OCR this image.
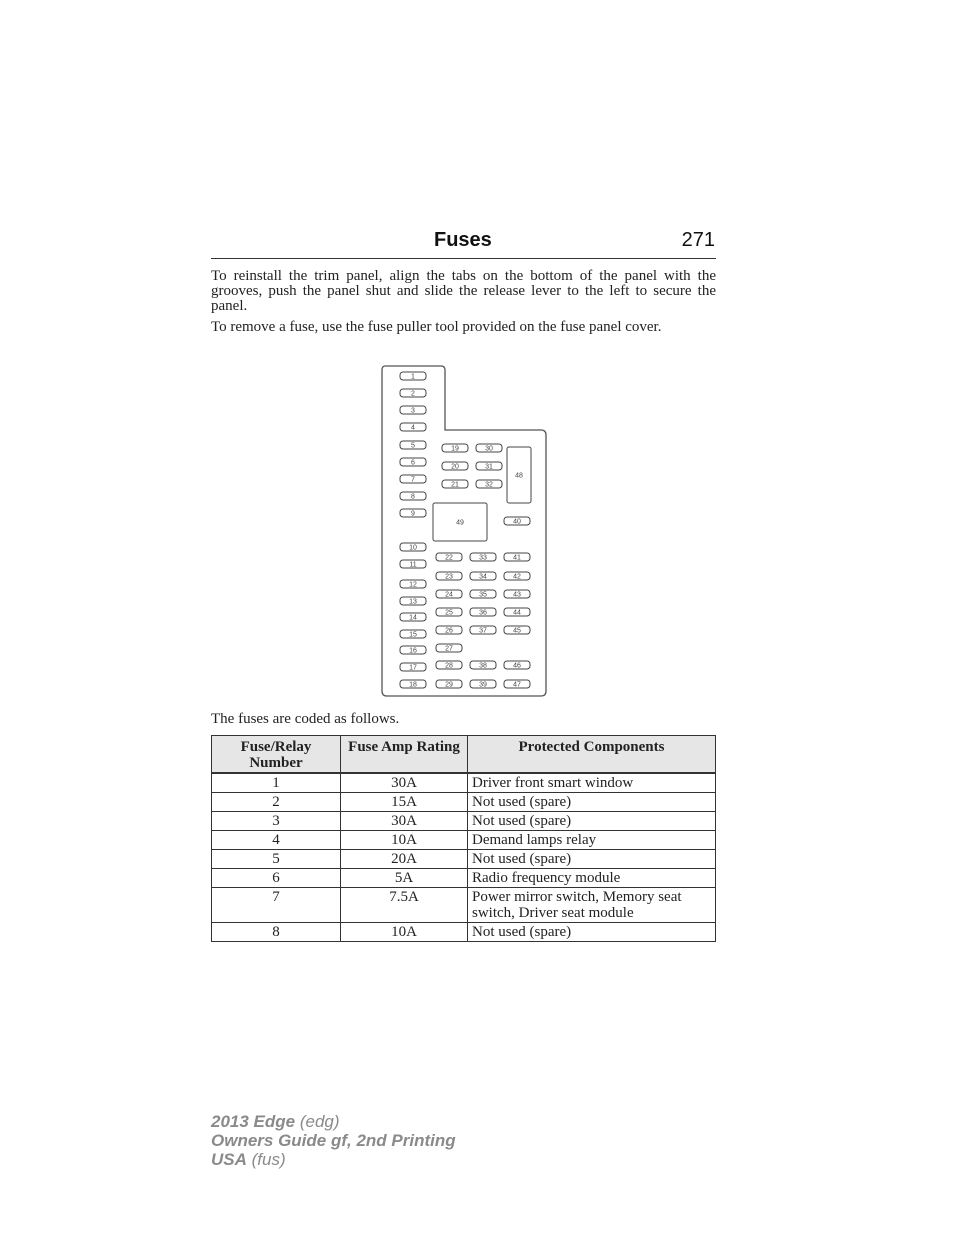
Fuses	271
To reinstall the trim panel, align the tabs on the bottom of the panel with the grooves, push the panel shut and slide the release lever to the left to secure the panel.
To remove a fuse, use the fuse puller tool provided on the fuse panel cover.
1
2
3
4
5
6
7
8
9
10
11
12
13
14
15
16
17
18
19
20
21
22
23
24
25
26
27
28
29
30
31
32
33
34
35
36
37
38
39
40
41
42
43
44
45
46
47
48
49
The fuses are coded as follows.
Fuse/Relay Number	Fuse Amp Rating	Protected Components
1	30A	Driver front smart window
2	15A	Not used (spare)
3	30A	Not used (spare)
4	10A	Demand lamps relay
5	20A	Not used (spare)
6	5A	Radio frequency module
7	7.5A	Power mirror switch, Memory seat switch, Driver seat module
8	10A	Not used (spare)
2013 Edge (edg)
Owners Guide gf, 2nd Printing
USA (fus)
